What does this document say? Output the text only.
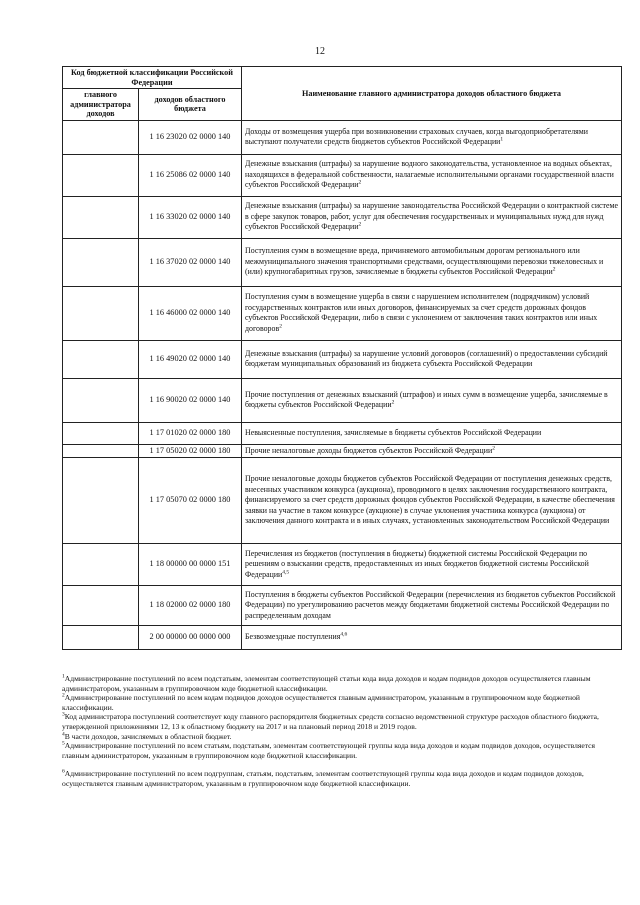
12
Код бюджетной классификации Российской Федерации		Наименование главного администратора доходов областного бюджета
главного администратора доходов	доходов областного бюджета	
	1 16 23020 02 0000 140	Доходы от возмещения ущерба при возникновении страховых случаев, когда выгодоприобретателями выступают получатели средств бюджетов субъектов Российской Федерации$^1$
	1 16 25086 02 0000 140	Денежные взыскания (штрафы) за нарушение водного законодательства, установленное на водных объектах, находящихся в федеральной собственности, налагаемые исполнительными органами государственной власти субъектов Российской Федерации$^2$
	1 16 33020 02 0000 140	Денежные взыскания (штрафы) за нарушение законодательства Российской Федерации о контрактной системе в сфере закупок товаров, работ, услуг для обеспечения государственных и муниципальных нужд для нужд субъектов Российской Федерации$^2$
	1 16 37020 02 0000 140	Поступления сумм в возмещение вреда, причиняемого автомобильным дорогам регионального или межмуниципального значения транспортными средствами, осуществляющими перевозки тяжеловесных и (или) крупногабаритных грузов, зачисляемые в бюджеты субъектов Российской Федерации$^2$
	1 16 46000 02 0000 140	Поступления сумм в возмещение ущерба в связи с нарушением исполнителем (подрядчиком) условий государственных контрактов или иных договоров, финансируемых за счет средств дорожных фондов субъектов Российской Федерации, либо в связи с уклонением от заключения таких контрактов или иных договоров$^2$
	1 16 49020 02 0000 140	Денежные взыскания (штрафы) за нарушение условий договоров (соглашений) о предоставлении субсидий бюджетам муниципальных образований из бюджета субъекта Российской Федерации
	1 16 90020 02 0000 140	Прочие поступления от денежных взысканий (штрафов) и иных сумм в возмещение ущерба, зачисляемые в бюджеты субъектов Российской Федерации$^2$
	1 17 01020 02 0000 180	Невыясненные поступления, зачисляемые в бюджеты субъектов Российской Федерации
	1 17 05020 02 0000 180	Прочие неналоговые доходы бюджетов субъектов Российской Федерации$^2$
	1 17 05070 02 0000 180	Прочие неналоговые доходы бюджетов субъектов Российской Федерации от поступления денежных средств, внесенных участником конкурса (аукциона), проводимого в целях заключения государственного контракта, финансируемого за счет средств дорожных фондов субъектов Российской Федерации, в качестве обеспечения заявки на участие в таком конкурсе (аукционе) в случае уклонения участника конкурса (аукциона) от заключения данного контракта и в иных случаях, установленных законодательством Российской Федерации
	1 18 00000 00 0000 151	Перечисления из бюджетов (поступления в бюджеты) бюджетной системы Российской Федерации по решениям о взыскании средств, предоставленных из иных бюджетов бюджетной системы Российской Федерации$^{4,5}$
	1 18 02000 02 0000 180	Поступления в бюджеты субъектов Российской Федерации (перечисления из бюджетов субъектов Российской Федерации) по урегулированию расчетов между бюджетами бюджетной системы Российской Федерации по распределенным доходам
	2 00 00000 00 0000 000	Безвозмездные поступления$^{4,6}$

$^1$Администрирование поступлений по всем подстатьям, элементам соответствующей статьи кода вида доходов и кодам подвидов доходов осуществляется главным администратором, указанным в группировочном коде бюджетной классификации.

$^2$Администрирование поступлений по всем кодам подвидов доходов осуществляется главным администратором, указанным в группировочном коде бюджетной классификации.

$^3$Код администратора поступлений соответствует коду главного распорядителя бюджетных средств согласно ведомственной структуре расходов областного бюджета, утвержденной приложениями 12, 13 к областному бюджету на 2017 и на плановый период 2018 и 2019 годов.

$^4$В части доходов, зачисляемых в областной бюджет.

$^5$Администрирование поступлений по всем статьям, подстатьям, элементам соответствующей группы кода вида доходов и кодам подвидов доходов, осуществляется главным администратором, указанным в группировочном коде бюджетной классификации.

$^6$Администрирование поступлений по всем подгруппам, статьям, подстатьям, элементам соответствующей группы кода вида доходов и кодам подвидов доходов, осуществляется главным администратором, указанным в группировочном коде бюджетной классификации.
